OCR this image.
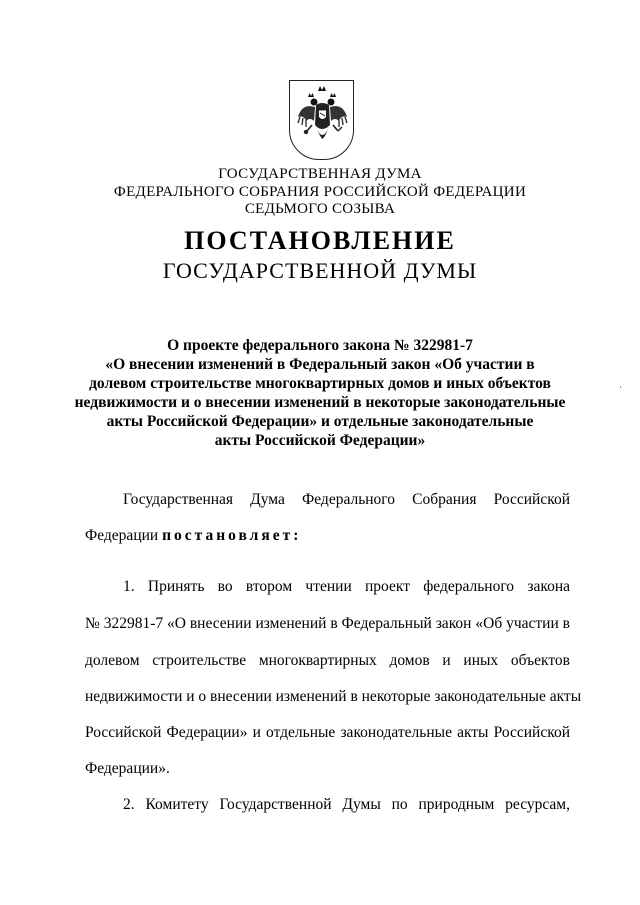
ГОСУДАРСТВЕННАЯ ДУМА
ФЕДЕРАЛЬНОГО СОБРАНИЯ РОССИЙСКОЙ ФЕДЕРАЦИИ
СЕДЬМОГО СОЗЫВА
ПОСТАНОВЛЕНИЕ
ГОСУДАРСТВЕННОЙ ДУМЫ
О проекте федерального закона № 322981-7
«О внесении изменений в Федеральный закон «Об участии в
долевом строительстве многоквартирных домов и иных объектов
недвижимости и о внесении изменений в некоторые законодательные
акты Российской Федерации» и отдельные законодательные
акты Российской Федерации»
Государственная Дума Федерального Собрания Российской
Федерации постановляет:
1. Принять во втором чтении проект федерального закона
№ 322981-7 «О внесении изменений в Федеральный закон «Об участии в
долевом строительстве многоквартирных домов и иных объектов
недвижимости и о внесении изменений в некоторые законодательные акты
Российской Федерации» и отдельные законодательные акты Российской
Федерации».
2. Комитету Государственной Думы по природным ресурсам,
